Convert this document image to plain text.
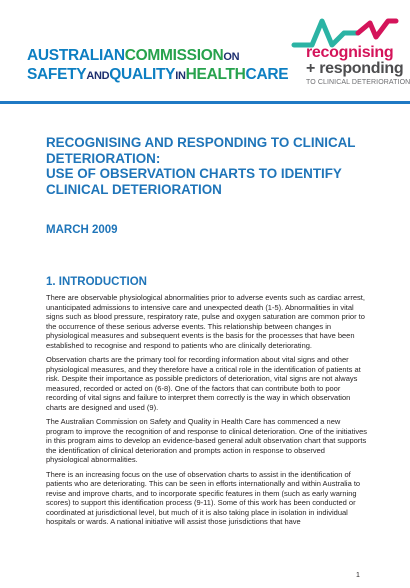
AUSTRALIANCOMMISSIONON
SAFETYANDQUALITYINHEALTHCARE
recognising
+ responding
TO CLINICAL DETERIORATION
RECOGNISING AND RESPONDING TO CLINICAL
DETERIORATION:
USE OF OBSERVATION CHARTS TO IDENTIFY
CLINICAL DETERIORATION
MARCH 2009
1. INTRODUCTION

There are observable physiological abnormalities prior to adverse events such as cardiac arrest, unanticipated admissions to intensive care and unexpected death (1-5). Abnormalities in vital signs such as blood pressure, respiratory rate, pulse and oxygen saturation are common prior to the occurrence of these serious adverse events. This relationship between changes in physiological measures and subsequent events is the basis for the processes that have been established to recognise and respond to patients who are clinically deteriorating.

Observation charts are the primary tool for recording information about vital signs and other physiological measures, and they therefore have a critical role in the identification of patients at risk. Despite their importance as possible predictors of deterioration, vital signs are not always measured, recorded or acted on (6-8). One of the factors that can contribute both to poor recording of vital signs and failure to interpret them correctly is the way in which observation charts are designed and used (9).

The Australian Commission on Safety and Quality in Health Care has commenced a new program to improve the recognition of and response to clinical deterioration. One of the initiatives in this program aims to develop an evidence-based general adult observation chart that supports the identification of clinical deterioration and prompts action in response to observed physiological abnormalities.

There is an increasing focus on the use of observation charts to assist in the identification of patients who are deteriorating. This can be seen in efforts internationally and within Australia to revise and improve charts, and to incorporate specific features in them (such as early warning scores) to support this identification process (9-11). Some of this work has been conducted or coordinated at jurisdictional level, but much of it is also taking place in isolation in individual hospitals or wards. A national initiative will assist those jurisdictions that have

1
